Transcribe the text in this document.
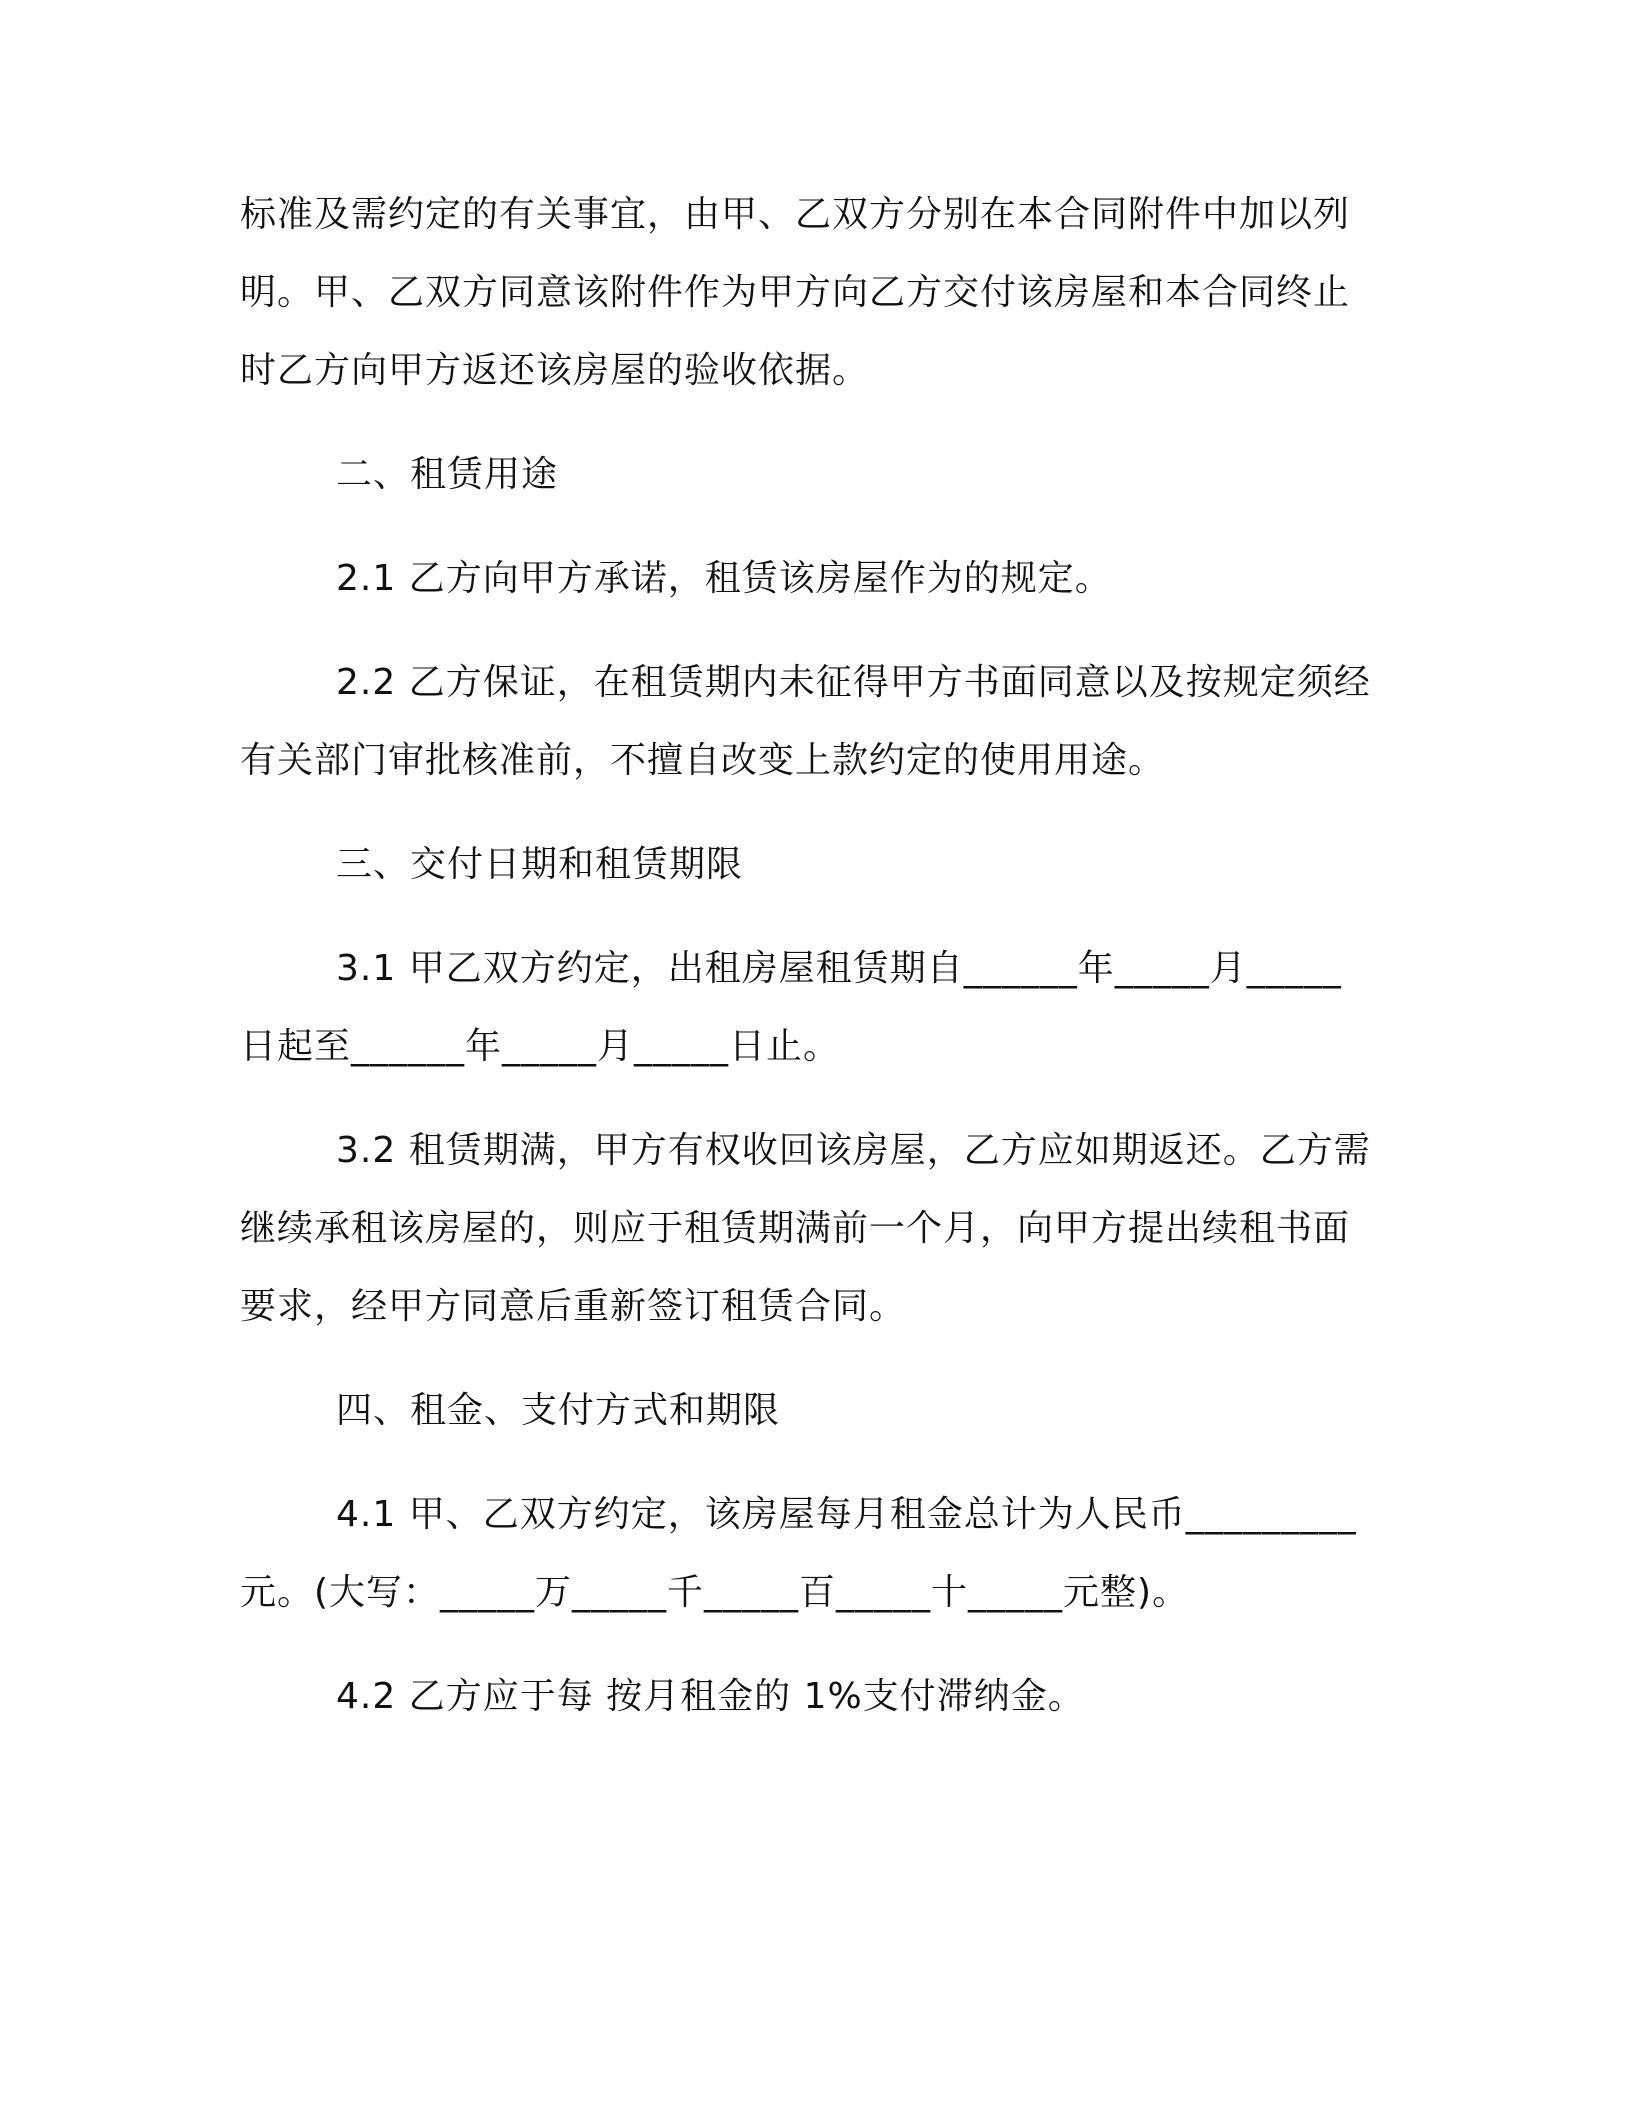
标准及需约定的有关事宜，由甲、乙双方分别在本合同附件中加以列
明。甲、乙双方同意该附件作为甲方向乙方交付该房屋和本合同终止
时乙方向甲方返还该房屋的验收依据。

二、租赁用途

2.1 乙方向甲方承诺，租赁该房屋作为的规定。

2.2 乙方保证，在租赁期内未征得甲方书面同意以及按规定须经
有关部门审批核准前，不擅自改变上款约定的使用用途。

三、交付日期和租赁期限

3.1 甲乙双方约定，出租房屋租赁期自______年_____月_____
日起至______年_____月_____日止。

3.2 租赁期满，甲方有权收回该房屋，乙方应如期返还。乙方需
继续承租该房屋的，则应于租赁期满前一个月，向甲方提出续租书面
要求，经甲方同意后重新签订租赁合同。

四、租金、支付方式和期限

4.1 甲、乙双方约定，该房屋每月租金总计为人民币_________
元。(大写：_____万_____千_____百_____十_____元整)。

4.2 乙方应于每 按月租金的 1%支付滞纳金。
